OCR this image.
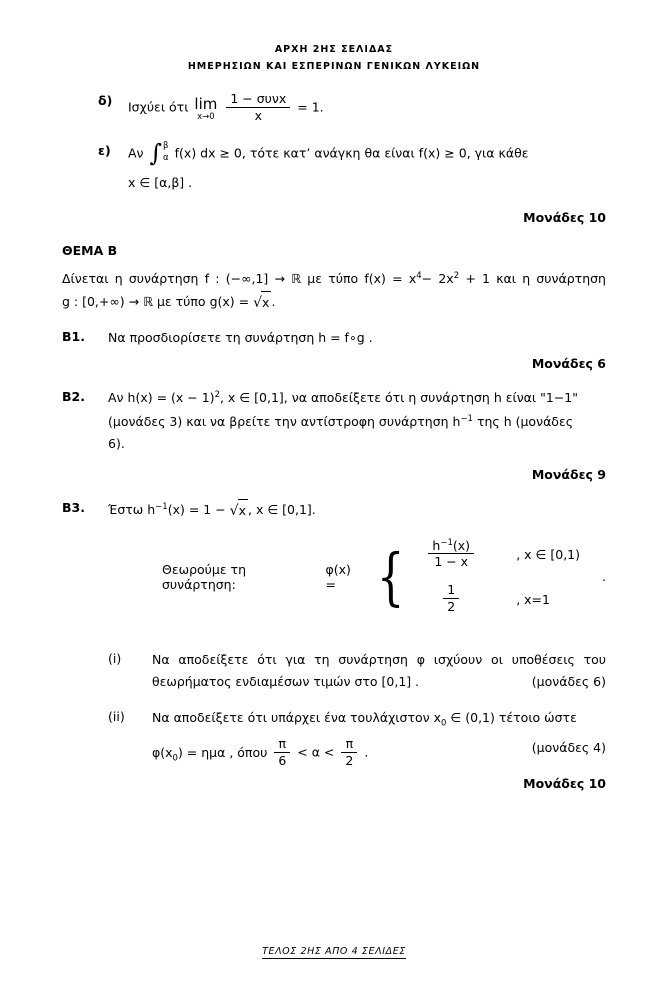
ΑΡΧΗ 2ΗΣ ΣΕΛΙΔΑΣ
ΗΜΕΡΗΣΙΩΝ ΚΑΙ ΕΣΠΕΡΙΝΩΝ ΓΕΝΙΚΩΝ ΛΥΚΕΙΩΝ
δ)	Ισχύει ότι lim
x→0
$\frac{\text{1 − συνx}}{x} = 1$.
ε)	Αν ∫ β
α f(x) dx ≥ 0, τότε κατ’ ανάγκη θα είναι f(x) ≥ 0, για κάθε
x ∈ [α,β] .
Μονάδες 10
ΘΕΜΑ Β
Δίνεται η συνάρτηση f : (−∞,1] → ℝ με τύπο $f(x) = x^4- 2x^2 + 1$ και η συνάρτηση g : [0,+∞) → ℝ με τύπο g(x) = √x .
Β1.	Να προσδιορίσετε τη συνάρτηση h = f∘g .
Μονάδες 6
Β2.	Αν $h(x) = (x - 1)^2$, x ∈ [0,1], να αποδείξετε ότι η συνάρτηση h είναι "1−1"
(μονάδες 3) και να βρείτε την αντίστροφη συνάρτηση $h^{-1}$ της h (μονάδες
6).
Μονάδες 9
Β3.	Έστω $h^{-1}(x) = 1 - √x$ , x ∈ [0,1].
Θεωρούμε τη συνάρτηση:
φ(x) = { $\frac{h^{-1}(x)}{1 - x}$	, x ∈ [0,1)
$\frac{1}{2}$	, x=1
.
(i)	Να αποδείξετε ότι για τη συνάρτηση φ ισχύουν οι υποθέσεις του θεωρήματος ενδιαμέσων τιμών στο [0,1] .	(μονάδες 6)
(ii)	Να αποδείξετε ότι υπάρχει ένα τουλάχιστον $x_0$ ∈ (0,1) τέτοιο ώστε
$\varphi(x_0) = \eta\mu\alpha$ , όπου $\frac{\pi}{6} < \alpha < \frac{\pi}{2}$ .	(μονάδες 4)
Μονάδες 10
ΤΕΛΟΣ 2ΗΣ ΑΠΟ 4 ΣΕΛΙΔΕΣ
